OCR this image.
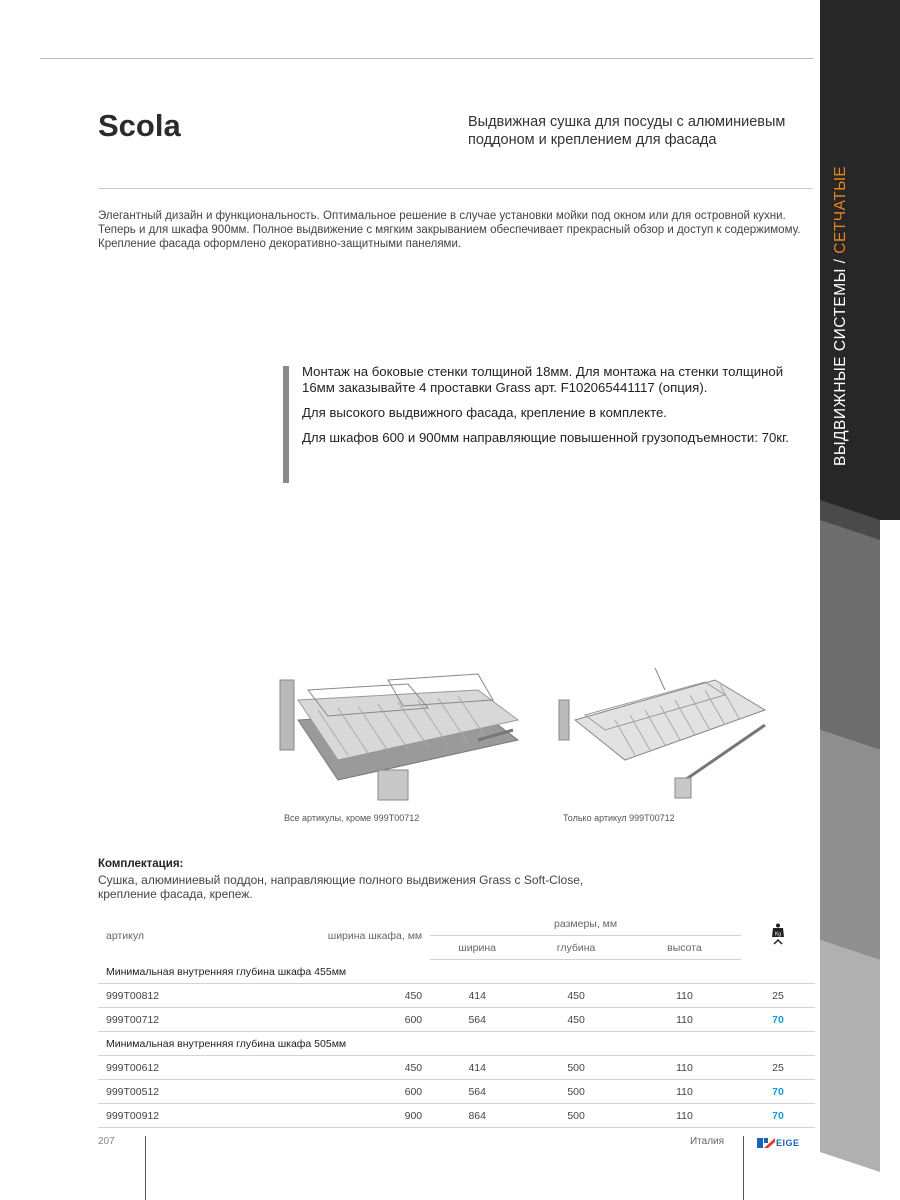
ВЫДВИЖНЫЕ СИСТЕМЫ / СЕТЧАТЫЕ
Scola	Выдвижная сушка для посуды с алюминиевым поддоном и креплением для фасада
Элегантный дизайн и функциональность. Оптимальное решение в случае установки мойки под окном или для островной кухни. Теперь и для шкафа 900мм. Полное выдвижение с мягким закрыванием обеспечивает прекрасный обзор и доступ к содержимому. Крепление фасада оформлено декоративно-защитными панелями.

Монтаж на боковые стенки толщиной 18мм. Для монтажа на стенки толщиной 16мм заказывайте 4 проставки Grass арт. F102065441117 (опция).

Для высокого выдвижного фасада, крепление в комплекте.

Для шкафов 600 и 900мм направляющие повышенной грузоподъемности: 70кг.

Все артикулы, кроме 999T00712	Только артикул 999T00712
Комплектация:
Сушка, алюминиевый поддон, направляющие полного выдвижения Grass с Soft-Close, крепление фасада, крепеж.
артикул	ширина шкафа, мм	размеры, мм			Kg

		ширина	глубина	высота	
Минимальная внутренняя глубина шкафа 455мм					
999T00812	450	414	450	110	25
999T00712	600	564	450	110	70
Минимальная внутренняя глубина шкафа 505мм					
999T00612	450	414	500	110	25
999T00512	600	564	500	110	70
999T00912	900	864	500	110	70
207	Италия	EIGE
